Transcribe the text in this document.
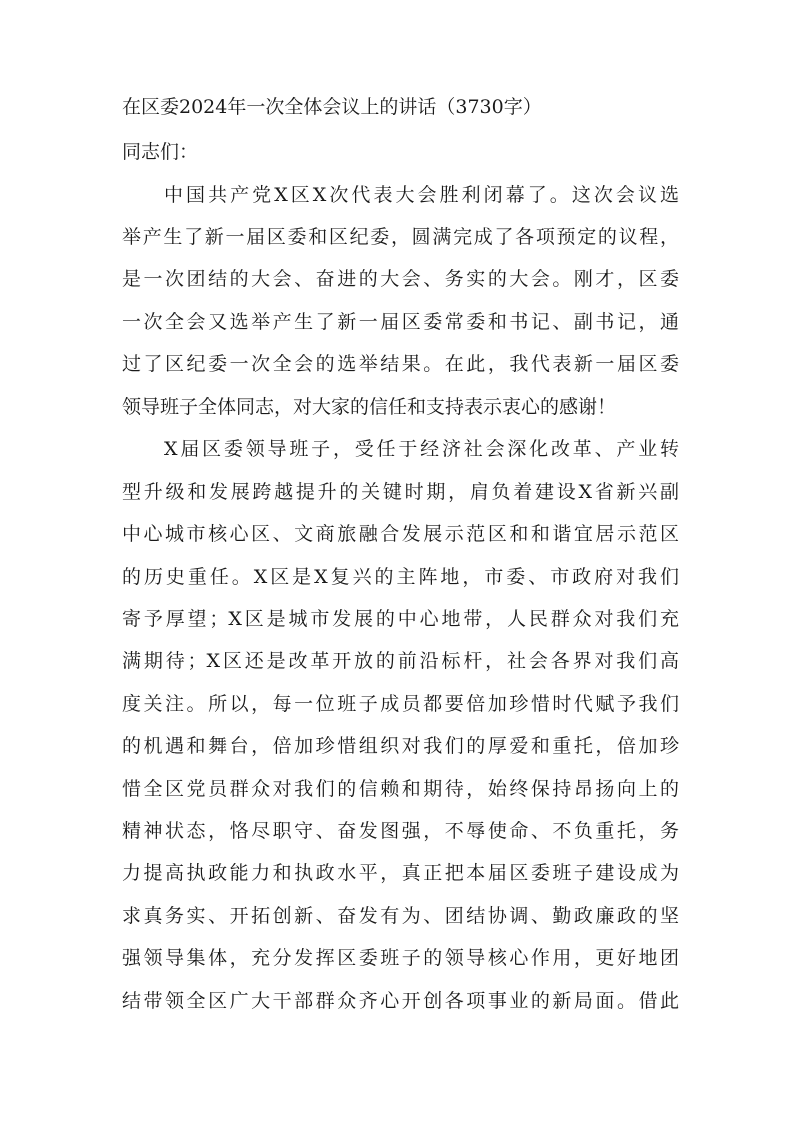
在区委2024年一次全体会议上的讲话（3730字）
同志们：
中国共产党X区X次代表大会胜利闭幕了。这次会议选
举产生了新一届区委和区纪委，圆满完成了各项预定的议程，
是一次团结的大会、奋进的大会、务实的大会。刚才，区委
一次全会又选举产生了新一届区委常委和书记、副书记，通
过了区纪委一次全会的选举结果。在此，我代表新一届区委
领导班子全体同志，对大家的信任和支持表示衷心的感谢！
X届区委领导班子，受任于经济社会深化改革、产业转
型升级和发展跨越提升的关键时期，肩负着建设X省新兴副
中心城市核心区、文商旅融合发展示范区和和谐宜居示范区
的历史重任。X区是X复兴的主阵地，市委、市政府对我们
寄予厚望；X区是城市发展的中心地带，人民群众对我们充
满期待；X区还是改革开放的前沿标杆，社会各界对我们高
度关注。所以，每一位班子成员都要倍加珍惜时代赋予我们
的机遇和舞台，倍加珍惜组织对我们的厚爱和重托，倍加珍
惜全区党员群众对我们的信赖和期待，始终保持昂扬向上的
精神状态，恪尽职守、奋发图强，不辱使命、不负重托，务
力提高执政能力和执政水平，真正把本届区委班子建设成为
求真务实、开拓创新、奋发有为、团结协调、勤政廉政的坚
强领导集体，充分发挥区委班子的领导核心作用，更好地团
结带领全区广大干部群众齐心开创各项事业的新局面。借此
